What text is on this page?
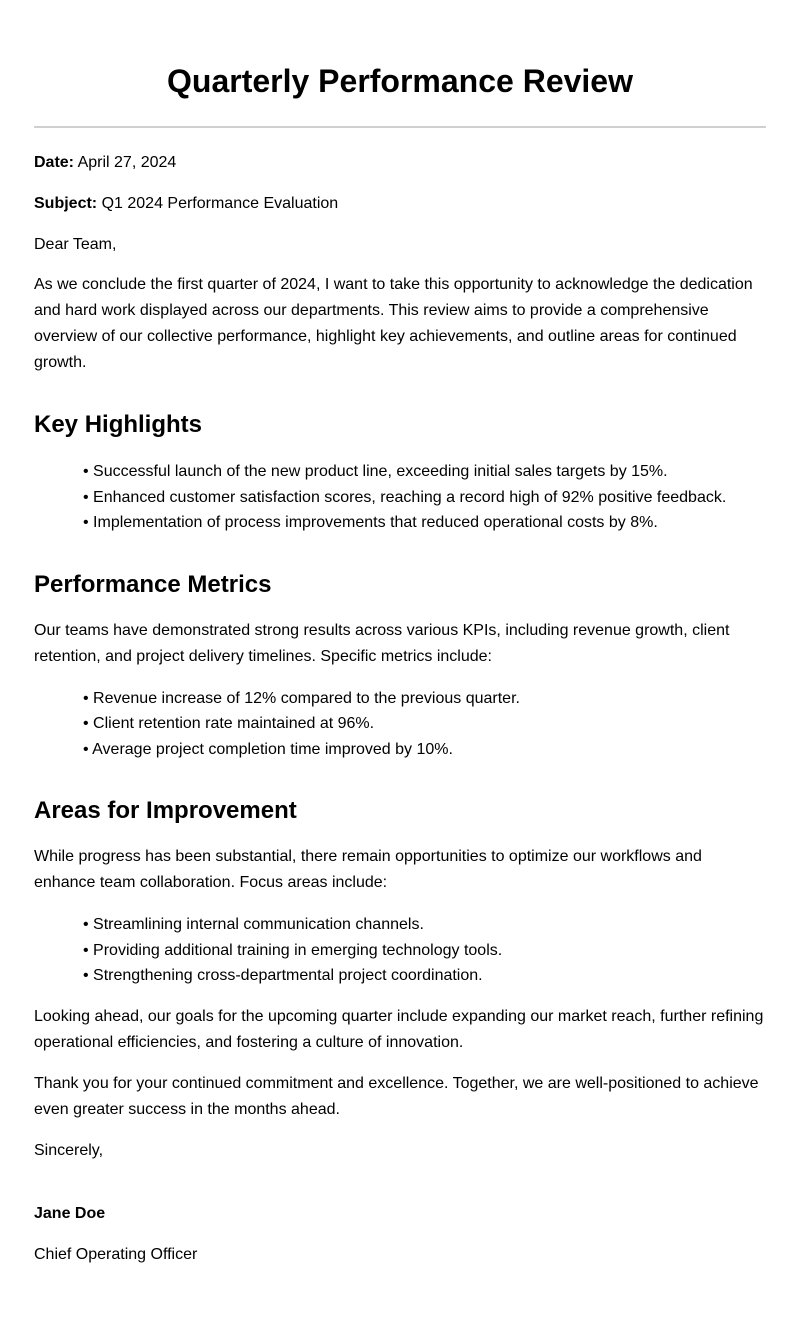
Quarterly Performance Review

Date: April 27, 2024

Subject: Q1 2024 Performance Evaluation

Dear Team,

As we conclude the first quarter of 2024, I want to take this opportunity to acknowledge the dedication and hard work displayed across our departments. This review aims to provide a comprehensive overview of our collective performance, highlight key achievements, and outline areas for continued growth.

Key Highlights
• Successful launch of the new product line, exceeding initial sales targets by 15%.
• Enhanced customer satisfaction scores, reaching a record high of 92% positive feedback.
• Implementation of process improvements that reduced operational costs by 8%.
Performance Metrics

Our teams have demonstrated strong results across various KPIs, including revenue growth, client retention, and project delivery timelines. Specific metrics include:

• Revenue increase of 12% compared to the previous quarter.
• Client retention rate maintained at 96%.
• Average project completion time improved by 10%.
Areas for Improvement

While progress has been substantial, there remain opportunities to optimize our workflows and enhance team collaboration. Focus areas include:

• Streamlining internal communication channels.
• Providing additional training in emerging technology tools.
• Strengthening cross-departmental project coordination.

Looking ahead, our goals for the upcoming quarter include expanding our market reach, further refining operational efficiencies, and fostering a culture of innovation.

Thank you for your continued commitment and excellence. Together, we are well-positioned to achieve even greater success in the months ahead.

Sincerely,

Jane Doe

Chief Operating Officer
